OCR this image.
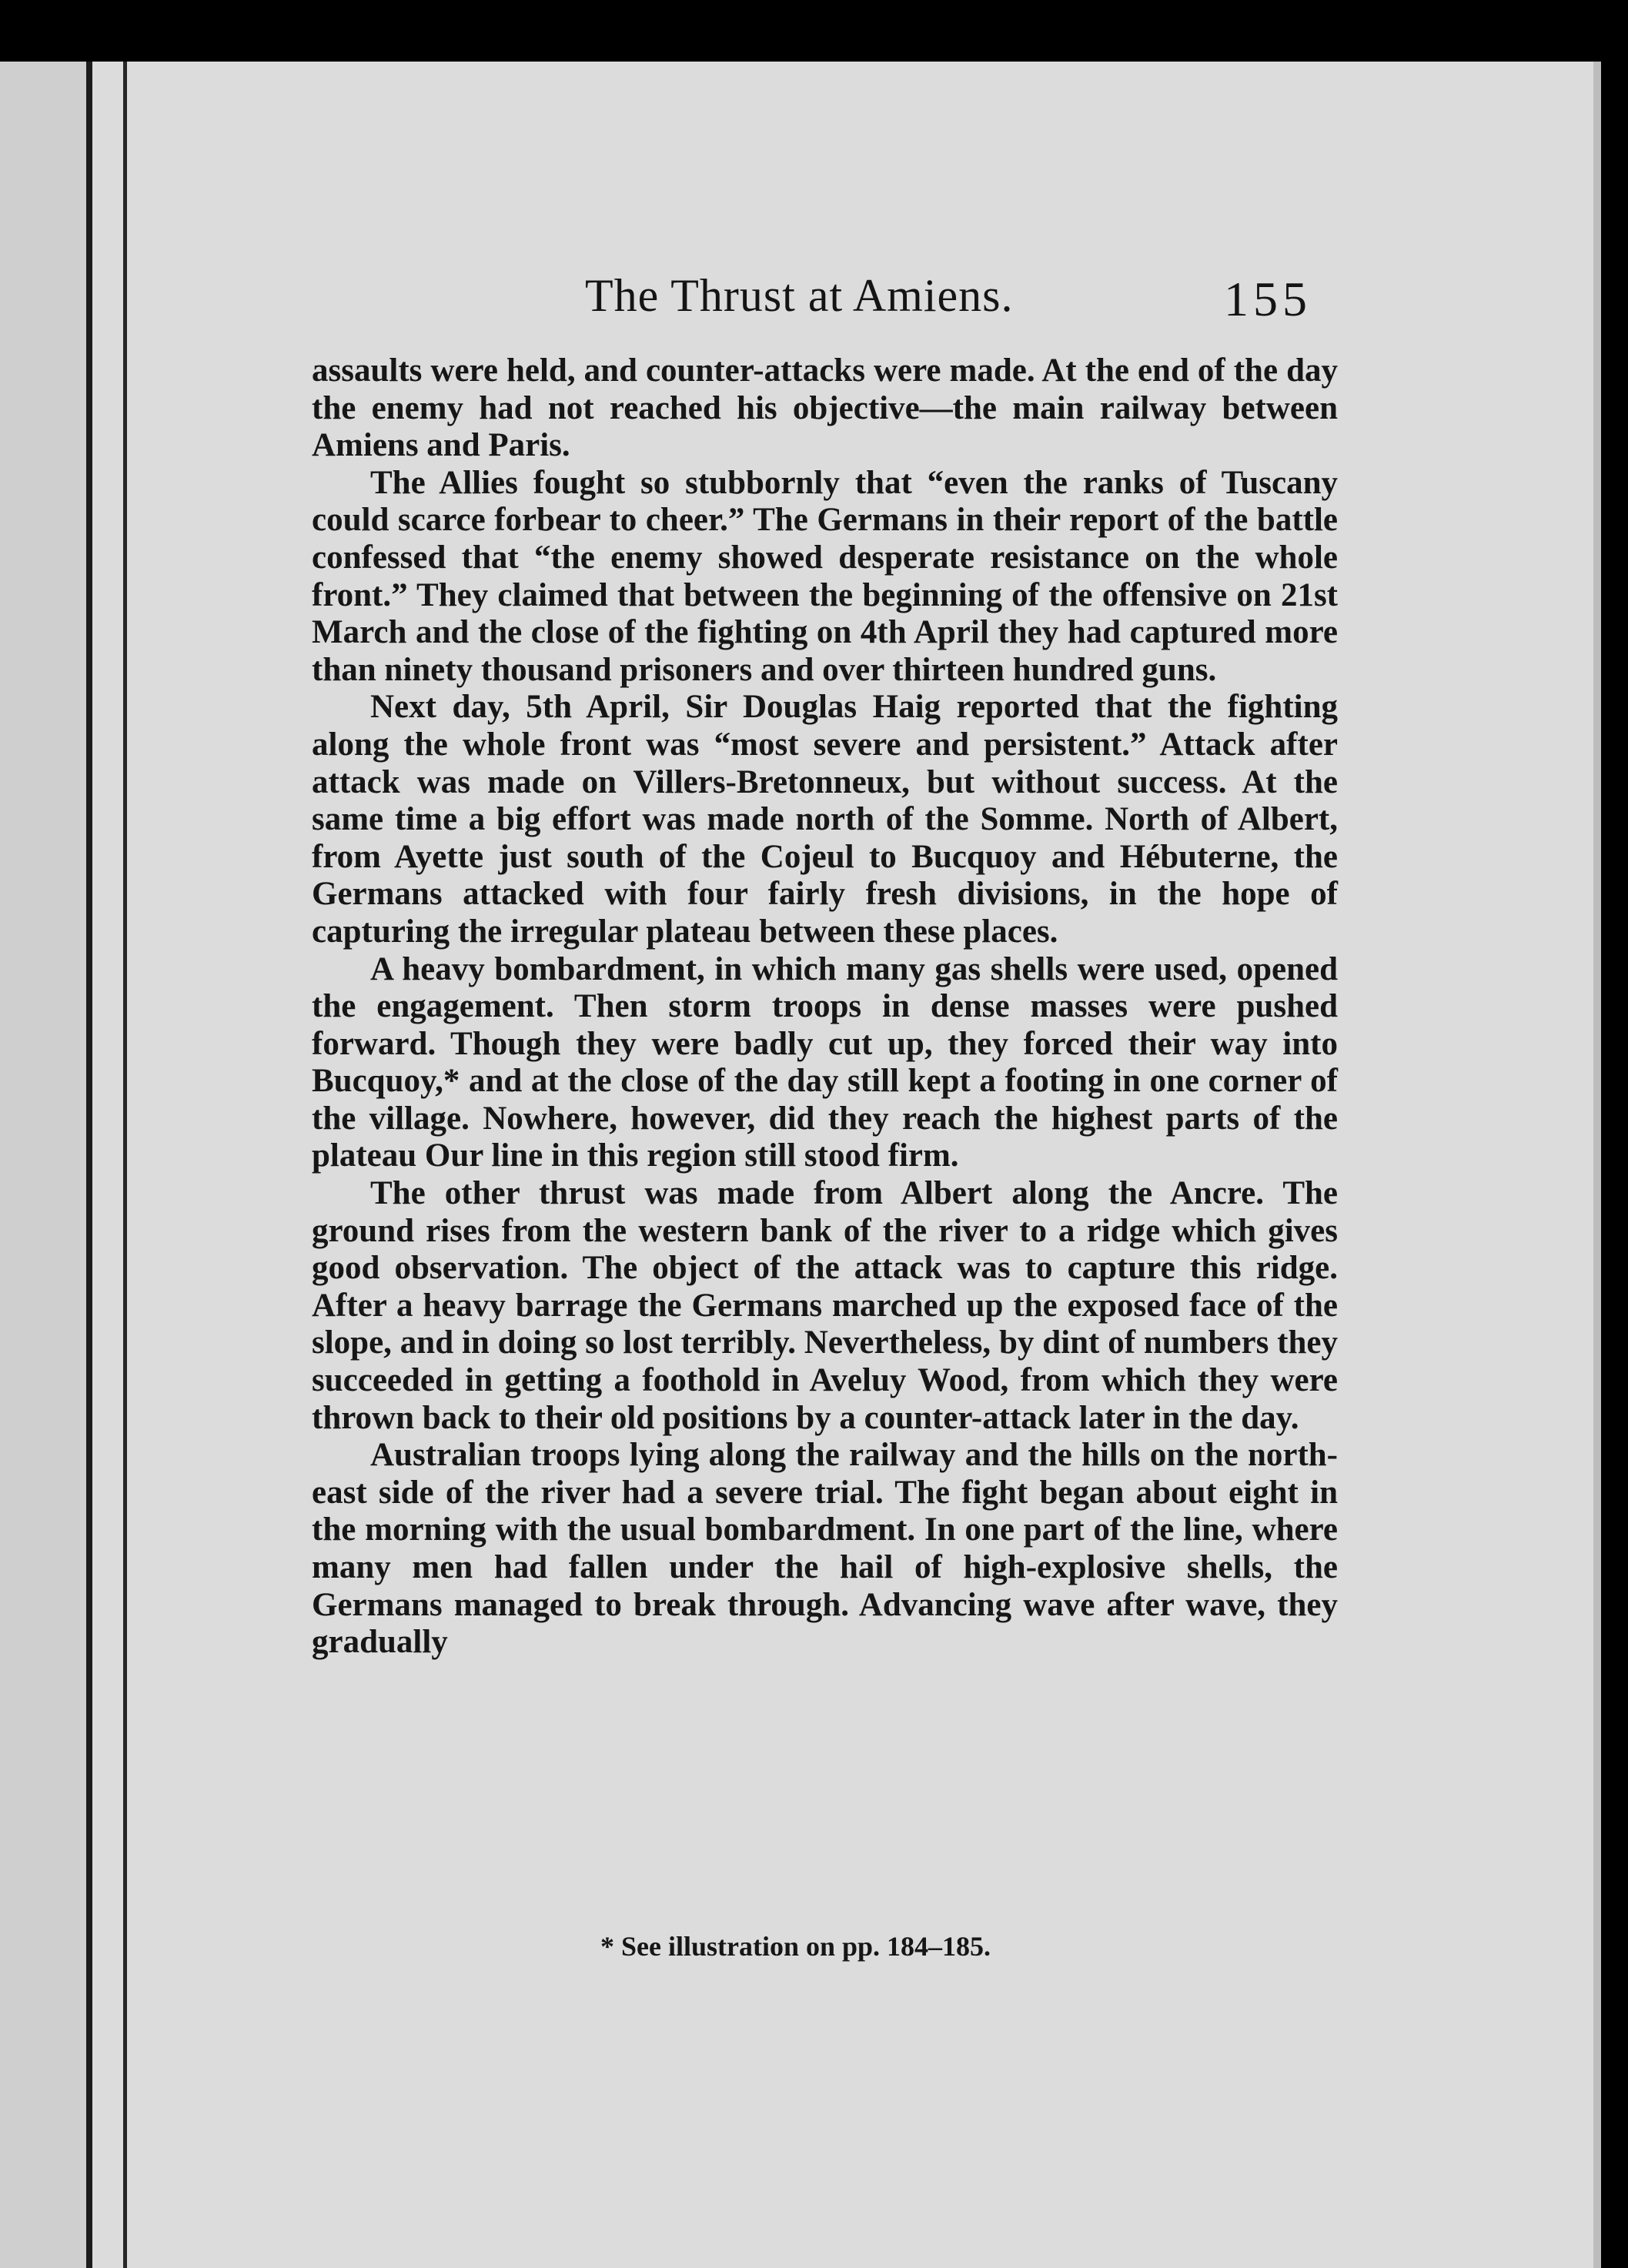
The Thrust at Amiens.	155

assaults were held, and counter-attacks were made. At the end of the day the enemy had not reached his objective—the main railway between Amiens and Paris.

The Allies fought so stubbornly that “even the ranks of Tuscany could scarce forbear to cheer.” The Germans in their report of the battle confessed that “the enemy showed desperate resistance on the whole front.” They claimed that between the beginning of the offensive on 21st March and the close of the fighting on 4th April they had captured more than ninety thousand prisoners and over thirteen hundred guns.

Next day, 5th April, Sir Douglas Haig reported that the fighting along the whole front was “most severe and persistent.” Attack after attack was made on Villers-Bretonneux, but without success. At the same time a big effort was made north of the Somme. North of Albert, from Ayette just south of the Cojeul to Bucquoy and Hébuterne, the Germans attacked with four fairly fresh divisions, in the hope of capturing the irregular plateau between these places.

A heavy bombardment, in which many gas shells were used, opened the engagement. Then storm troops in dense masses were pushed forward. Though they were badly cut up, they forced their way into Bucquoy,* and at the close of the day still kept a footing in one corner of the village. Nowhere, however, did they reach the highest parts of the plateau Our line in this region still stood firm.

The other thrust was made from Albert along the Ancre. The ground rises from the western bank of the river to a ridge which gives good observation. The object of the attack was to capture this ridge. After a heavy barrage the Germans marched up the exposed face of the slope, and in doing so lost terribly. Nevertheless, by dint of numbers they succeeded in getting a foothold in Aveluy Wood, from which they were thrown back to their old positions by a counter-attack later in the day.

Australian troops lying along the railway and the hills on the north-east side of the river had a severe trial. The fight began about eight in the morning with the usual bombardment. In one part of the line, where many men had fallen under the hail of high-explosive shells, the Germans managed to break through. Advancing wave after wave, they gradually

* See illustration on pp. 184–185.
